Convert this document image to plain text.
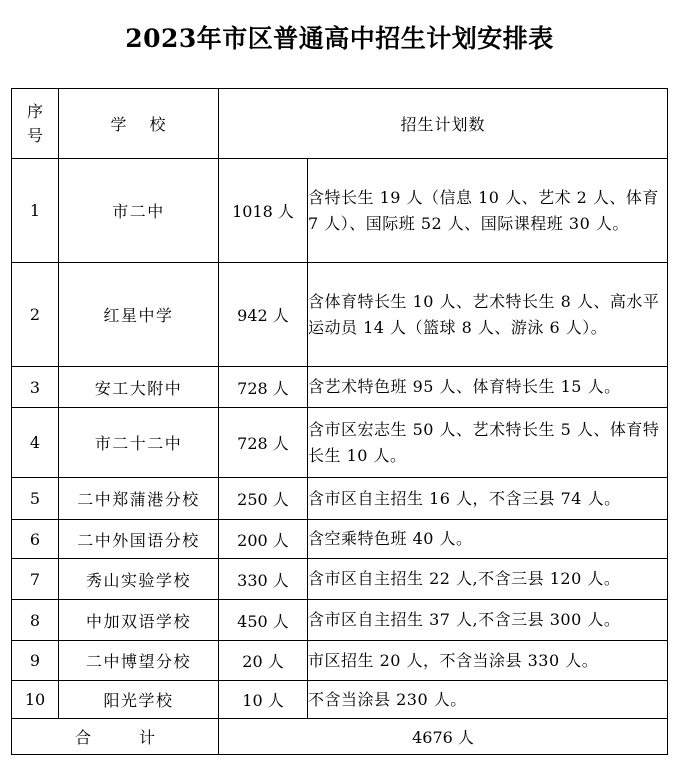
2023年市区普通高中招生计划安排表
序
号	学 校	招生计划数	
1	市二中	1018 人	含特长生 19 人（信息 10 人、艺术 2 人、体育 7 人）、国际班 52 人、国际课程班 30 人。
2	红星中学	942 人	含体育特长生 10 人、艺术特长生 8 人、高水平运动员 14 人（篮球 8 人、游泳 6 人）。
3	安工大附中	728 人	含艺术特色班 95 人、体育特长生 15 人。
4	市二十二中	728 人	含市区宏志生 50 人、艺术特长生 5 人、体育特长生 10 人。
5	二中郑蒲港分校	250 人	含市区自主招生 16 人，不含三县 74 人。
6	二中外国语分校	200 人	含空乘特色班 40 人。
7	秀山实验学校	330 人	含市区自主招生 22 人,不含三县 120 人。
8	中加双语学校	450 人	含市区自主招生 37 人,不含三县 300 人。
9	二中博望分校	20 人	市区招生 20 人，不含当涂县 330 人。
10	阳光学校	10 人	不含当涂县 230 人。
合 计		4676 人	
